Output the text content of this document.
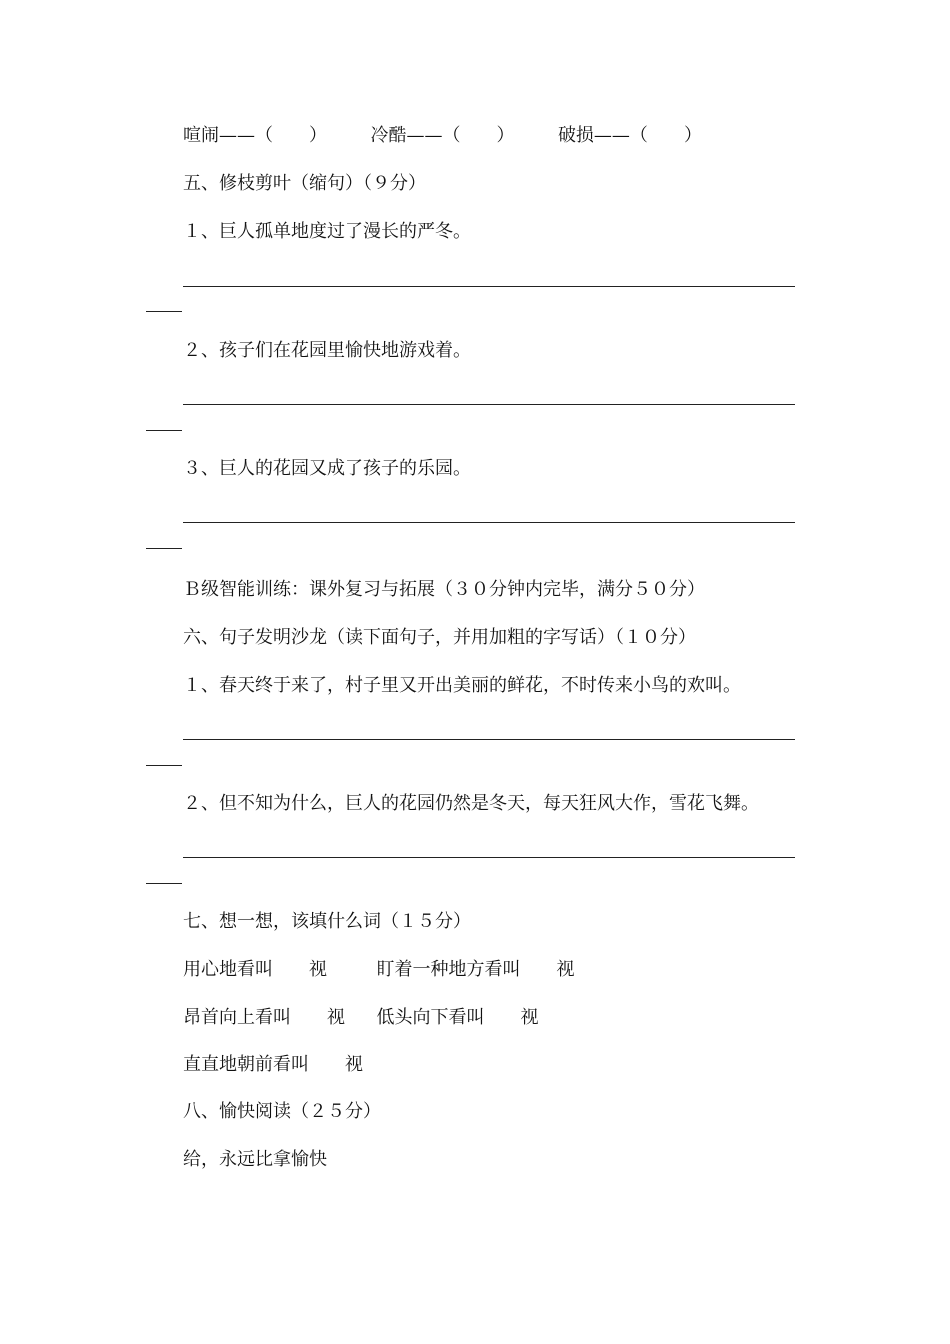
喧闹——（ ） 冷酷——（ ） 破损——（ ）
五、修枝剪叶（缩句）（９分）
１、巨人孤单地度过了漫长的严冬。
２、孩子们在花园里愉快地游戏着。
３、巨人的花园又成了孩子的乐园。
Ｂ级智能训练：课外复习与拓展（３０分钟内完毕，满分５０分）
六、句子发明沙龙（读下面句子，并用加粗的字写话）（１０分）
１、春天终于来了，村子里又开出美丽的鲜花，不时传来小鸟的欢叫。
２、但不知为什么，巨人的花园仍然是冬天，每天狂风大作，雪花飞舞。
七、想一想，该填什么词（１５分）
用心地看叫 视	盯着一种地方看叫 视
昂首向上看叫 视 低头向下看叫 视
直直地朝前看叫 视
八、愉快阅读（２５分）
给，永远比拿愉快
